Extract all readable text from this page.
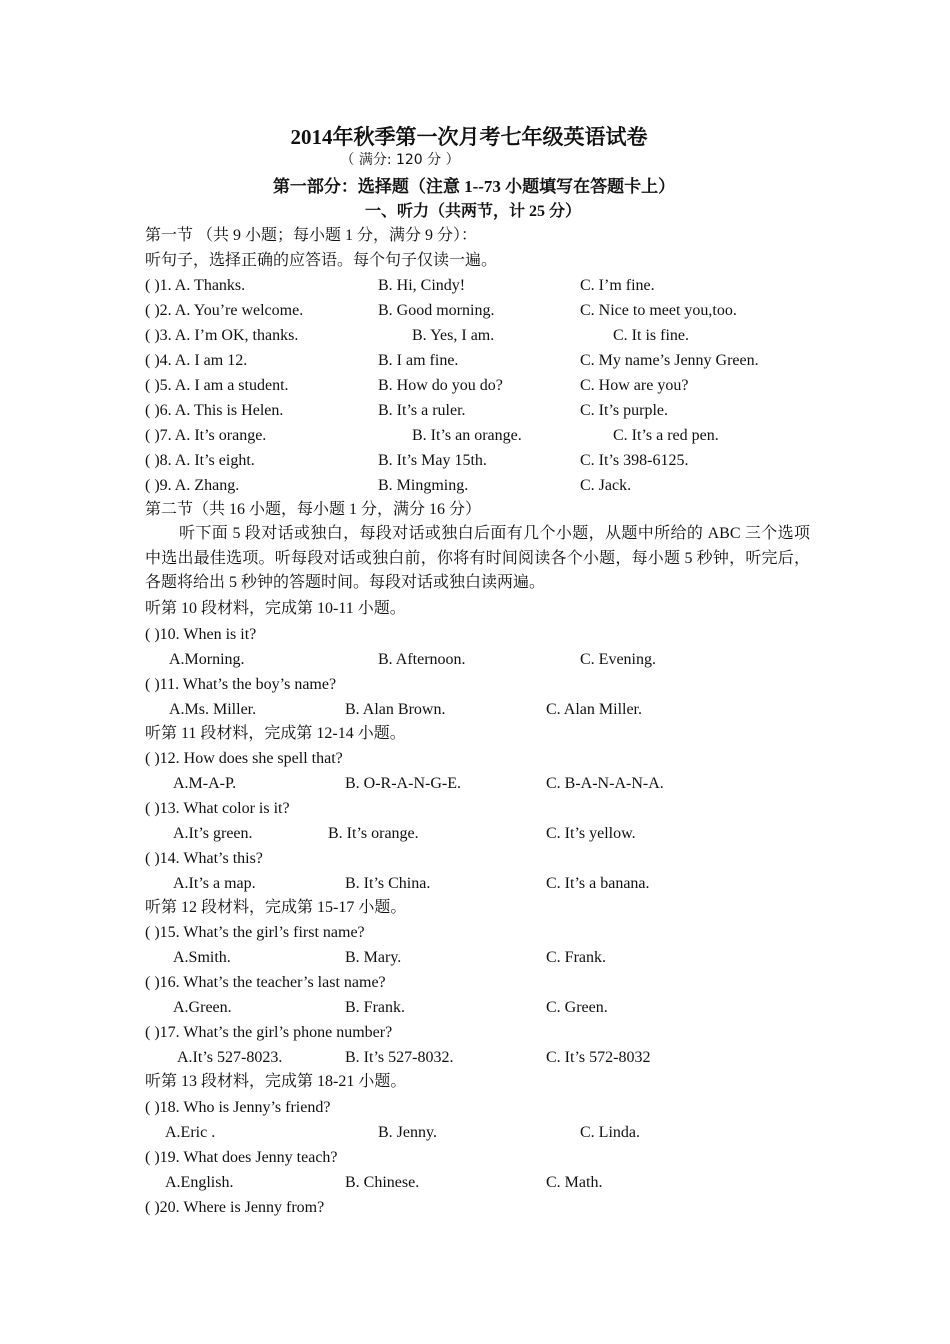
2014年秋季第一次月考七年级英语试卷
（ 满分: 120 分 ）
第一部分：选择题（注意 1--73 小题填写在答题卡上）
一、听力（共两节，计 25 分）
第一节 （共 9 小题；每小题 1 分，满分 9 分）：
听句子，选择正确的应答语。每个句子仅读一遍。
( )1. A. Thanks.	B. Hi, Cindy!	C. I’m fine.
( )2. A. You’re welcome.	B. Good morning.	C. Nice to meet you,too.
( )3. A. I’m OK, thanks.	B. Yes, I am.	C. It is fine.
( )4. A. I am 12.	B. I am fine.	C. My name’s Jenny Green.
( )5. A. I am a student.	B. How do you do?	C. How are you?
( )6. A. This is Helen.	B. It’s a ruler.	C. It’s purple.
( )7. A. It’s orange.	B. It’s an orange.	C. It’s a red pen.
( )8. A. It’s eight.	B. It’s May 15th.	C. It’s 398-6125.
( )9. A. Zhang.	B. Mingming.	C. Jack.
第二节（共 16 小题，每小题 1 分，满分 16 分）
听下面 5 段对话或独白，每段对话或独白后面有几个小题，从题中所给的 ABC 三个选项中选出最佳选项。听每段对话或独白前，你将有时间阅读各个小题，每小题 5 秒钟，听完后，各题将给出 5 秒钟的答题时间。每段对话或独白读两遍。
听第 10 段材料，完成第 10-11 小题。
( )10. When is it?
A.Morning.	B. Afternoon.	C. Evening.
( )11. What’s the boy’s name?
A.Ms. Miller.	B. Alan Brown.	C. Alan Miller.
听第 11 段材料，完成第 12-14 小题。
( )12. How does she spell that?
A.M-A-P.	B. O-R-A-N-G-E.	C. B-A-N-A-N-A.
( )13. What color is it?
A.It’s green.	B. It’s orange.	C. It’s yellow.
( )14. What’s this?
A.It’s a map.	B. It’s China.	C. It’s a banana.
听第 12 段材料，完成第 15-17 小题。
( )15. What’s the girl’s first name?
A.Smith.	B. Mary.	C. Frank.
( )16. What’s the teacher’s last name?
A.Green.	B. Frank.	C. Green.
( )17. What’s the girl’s phone number?
A.It’s 527-8023.	B. It’s 527-8032.	C. It’s 572-8032
听第 13 段材料，完成第 18-21 小题。
( )18. Who is Jenny’s friend?
A.Eric .	B. Jenny.	C. Linda.
( )19. What does Jenny teach?
A.English.	B. Chinese.	C. Math.
( )20. Where is Jenny from?
